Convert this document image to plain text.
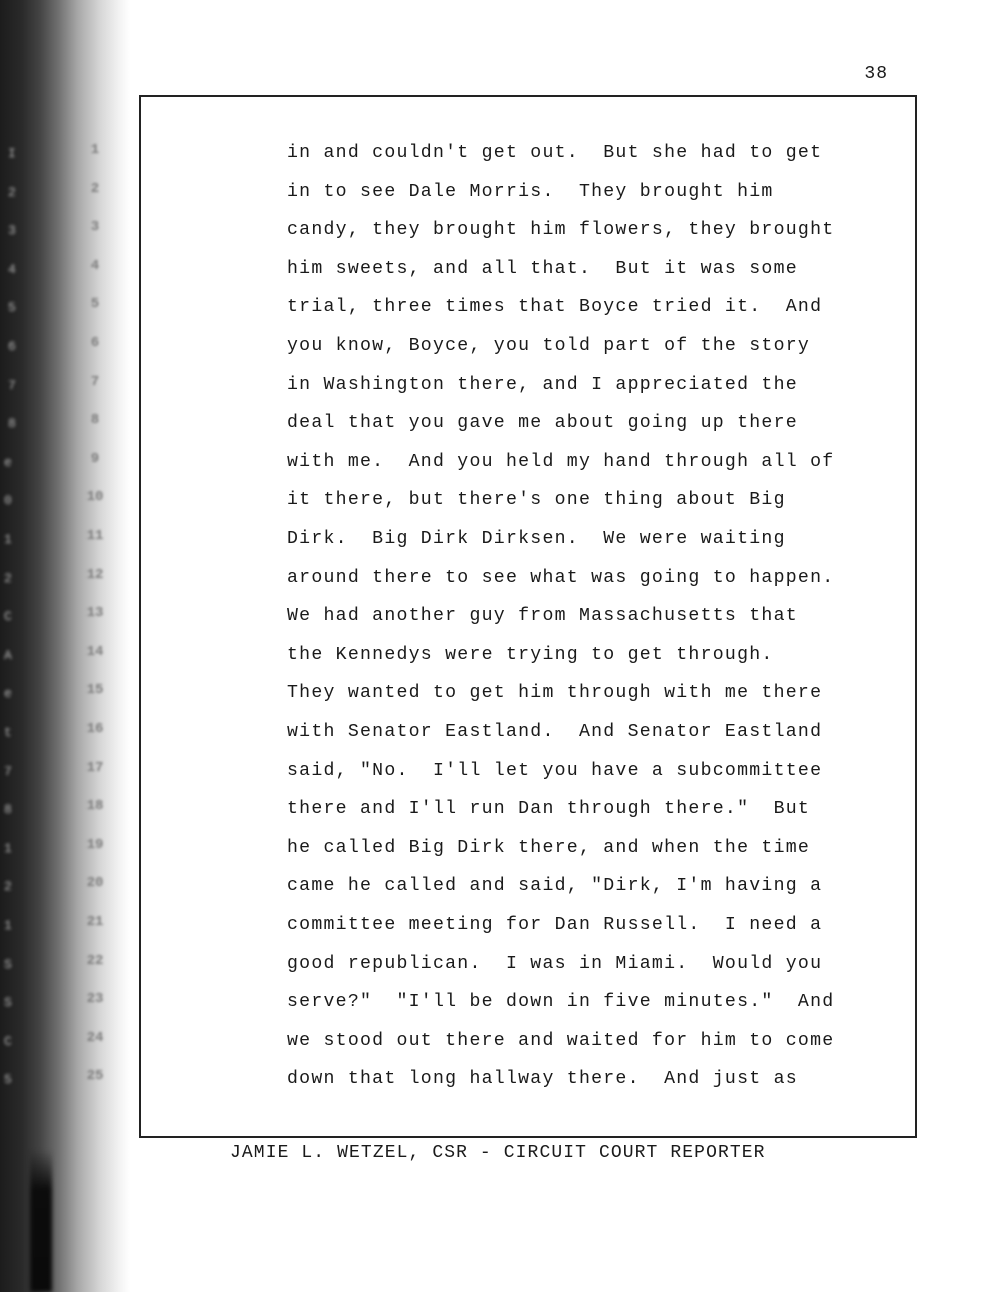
I
2
3
4
5
6
7
8
e
0
1
2
C
A
e
t
7
8
1
2
1
S
S
C
5
38
1
2
3
4
5
6
7
8
9
10
11
12
13
14
15
16
17
18
19
20
21
22
23
24
25
in and couldn't get out.  But she had to get
in to see Dale Morris.  They brought him
candy, they brought him flowers, they brought
him sweets, and all that.  But it was some
trial, three times that Boyce tried it.  And
you know, Boyce, you told part of the story
in Washington there, and I appreciated the
deal that you gave me about going up there
with me.  And you held my hand through all of
it there, but there's one thing about Big
Dirk.  Big Dirk Dirksen.  We were waiting
around there to see what was going to happen.
We had another guy from Massachusetts that
the Kennedys were trying to get through.
They wanted to get him through with me there
with Senator Eastland.  And Senator Eastland
said, "No.  I'll let you have a subcommittee
there and I'll run Dan through there."  But
he called Big Dirk there, and when the time
came he called and said, "Dirk, I'm having a
committee meeting for Dan Russell.  I need a
good republican.  I was in Miami.  Would you
serve?"  "I'll be down in five minutes."  And
we stood out there and waited for him to come
down that long hallway there.  And just as
JAMIE L. WETZEL, CSR - CIRCUIT COURT REPORTER
